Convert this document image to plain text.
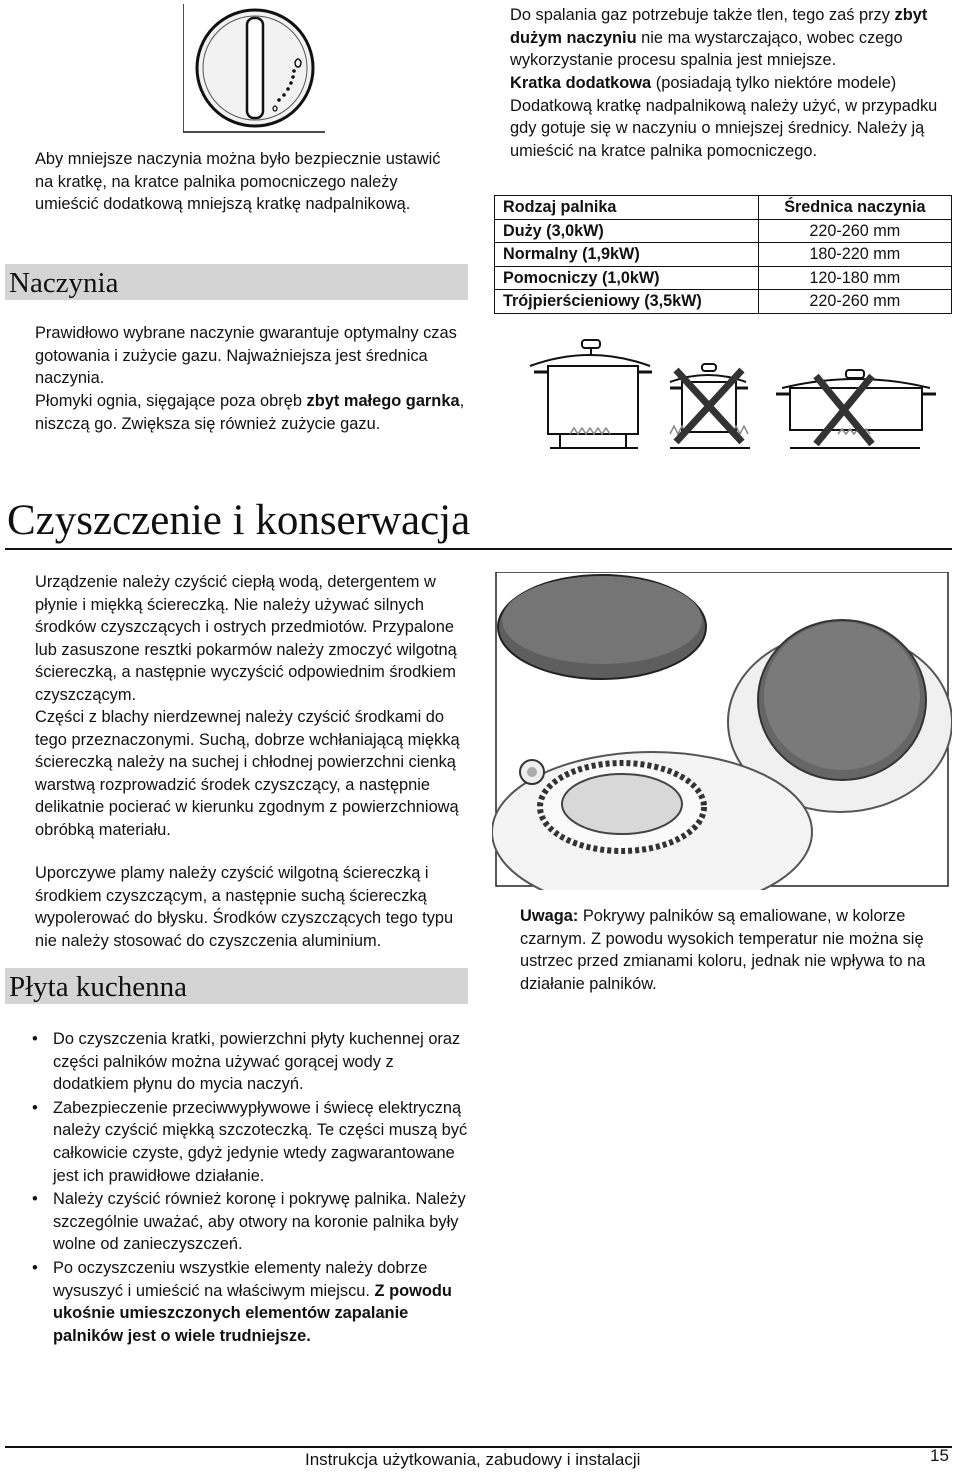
Aby mniejsze naczynia można było bezpiecznie ustawić na kratkę, na kratce palnika pomocniczego należy umieścić dodatkową mniejszą kratkę nadpalnikową.
Naczynia
Prawidłowo wybrane naczynie gwarantuje optymalny czas gotowania i zużycie gazu. Najważniejsza jest średnica naczynia.
Płomyki ognia, sięgające poza obręb zbyt małego garnka, niszczą go. Zwiększa się również zużycie gazu.
Do spalania gaz potrzebuje także tlen, tego zaś przy zbyt dużym naczyniu nie ma wystarczająco, wobec czego wykorzystanie procesu spalnia jest mniejsze.
Kratka dodatkowa (posiadają tylko niektóre modele) Dodatkową kratkę nadpalnikową należy użyć, w przypadku gdy gotuje się w naczyniu o mniejszej średnicy. Należy ją umieścić na kratce palnika pomocniczego.
Rodzaj palnika	Średnica naczynia
Duży (3,0kW)	220-260 mm
Normalny (1,9kW)	180-220 mm
Pomocniczy (1,0kW)	120-180 mm
Trójpierścieniowy (3,5kW)	220-260 mm
Czyszczenie i konserwacja
Urządzenie należy czyścić ciepłą wodą, detergentem w płynie i miękką ściereczką. Nie należy używać silnych środków czyszczących i ostrych przedmiotów. Przypalone lub zasuszone resztki pokarmów należy zmoczyć wilgotną ściereczką, a następnie wyczyścić odpowiednim środkiem czyszczącym.
Części z blachy nierdzewnej należy czyścić środkami do tego przeznaczonymi. Suchą, dobrze wchłaniającą miękką ściereczką należy na suchej i chłodnej powierzchni cienką warstwą rozprowadzić środek czyszczący, a następnie delikatnie pocierać w kierunku zgodnym z powierzchniową obróbką materiału.
Uporczywe plamy należy czyścić wilgotną ściereczką i środkiem czyszczącym, a następnie suchą ściereczką wypolerować do błysku. Środków czyszczących tego typu nie należy stosować do czyszczenia aluminium.
Uwaga: Pokrywy palników są emaliowane, w kolorze czarnym. Z powodu wysokich temperatur nie można się ustrzec przed zmianami koloru, jednak nie wpływa to na działanie palników.
Płyta kuchenna
• Do czyszczenia kratki, powierzchni płyty kuchennej oraz części palników można używać gorącej wody z dodatkiem płynu do mycia naczyń.
• Zabezpieczenie przeciwwypływowe i świecę elektryczną należy czyścić miękką szczoteczką. Te części muszą być całkowicie czyste, gdyż jedynie wtedy zagwarantowane jest ich prawidłowe działanie.
• Należy czyścić również koronę i pokrywę palnika. Należy szczególnie uważać, aby otwory na koronie palnika były wolne od zanieczyszczeń.
• Po oczyszczeniu wszystkie elementy należy dobrze wysuszyć i umieścić na właściwym miejscu. Z powodu ukośnie umieszczonych elementów zapalanie palników jest o wiele trudniejsze.
Instrukcja użytkowania, zabudowy i instalacji	15
